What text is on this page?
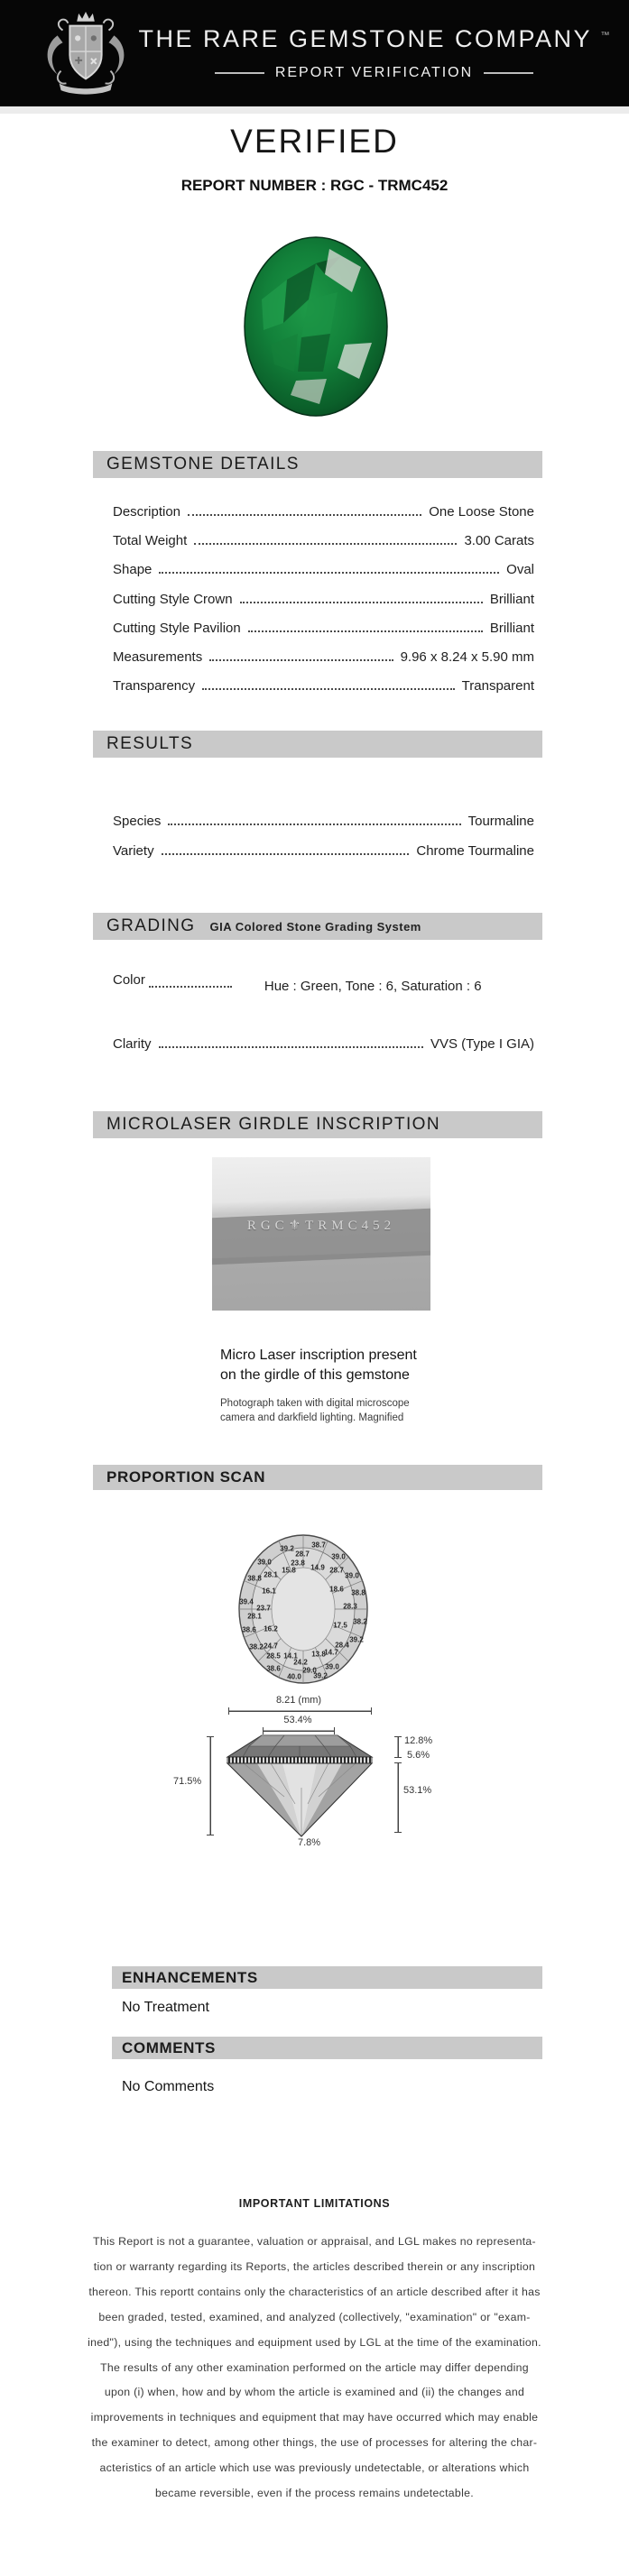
THE RARE GEMSTONE COMPANY ™
REPORT VERIFICATION
VERIFIED
REPORT NUMBER : RGC - TRMC452
GEMSTONE DETAILS
Description	One Loose Stone
Total Weight	3.00 Carats
Shape	Oval
Cutting Style Crown	Brilliant
Cutting Style Pavilion	Brilliant
Measurements	9.96 x 8.24 x 5.90 mm
Transparency	Transparent
RESULTS
Species	Tourmaline
Variety	Chrome Tourmaline
GRADING GIA Colored Stone Grading System
Color	Hue : Green, Tone : 6, Saturation : 6
Clarity	VVS (Type I GIA)
MICROLASER GIRDLE INSCRIPTION
RGC⚜TRMC452
Micro Laser inscription present
on the girdle of this gemstone
Photograph taken with digital microscope
camera and darkfield lighting. Magnified
PROPORTION SCAN
39.2 38.7
39.0
28.7
23.8
15.8 14.9 28.7
39.0
39.0
28.1
38.8
16.1	18.6 38.8
39.4
23.7	28.3
28.1
38.2
17.5
38.6 16.2
39.2
28.4
38.2 24.7
14.7
28.5 14.1 13.8
24.2
39.0
29.0
38.6
40.0 39.2
8.21 (mm)
53.4%
71.5%
12.8%
5.6%
53.1%
7.8%
ENHANCEMENTS
No Treatment
COMMENTS
No Comments
IMPORTANT LIMITATIONS
This Report is not a guarantee, valuation or appraisal, and LGL makes no representa-
tion or warranty regarding its Reports, the articles described therein or any inscription
thereon. This reportt contains only the characteristics of an article described after it has
been graded, tested, examined, and analyzed (collectively, "examination" or "exam-
ined"), using the techniques and equipment used by LGL at the time of the examination.
The results of any other examination performed on the article may differ depending
upon (i) when, how and by whom the article is examined and (ii) the changes and
improvements in techniques and equipment that may have occurred which may enable
the examiner to detect, among other things, the use of processes for altering the char-
acteristics of an article which use was previously undetectable, or alterations which
became reversible, even if the process remains undetectable.
